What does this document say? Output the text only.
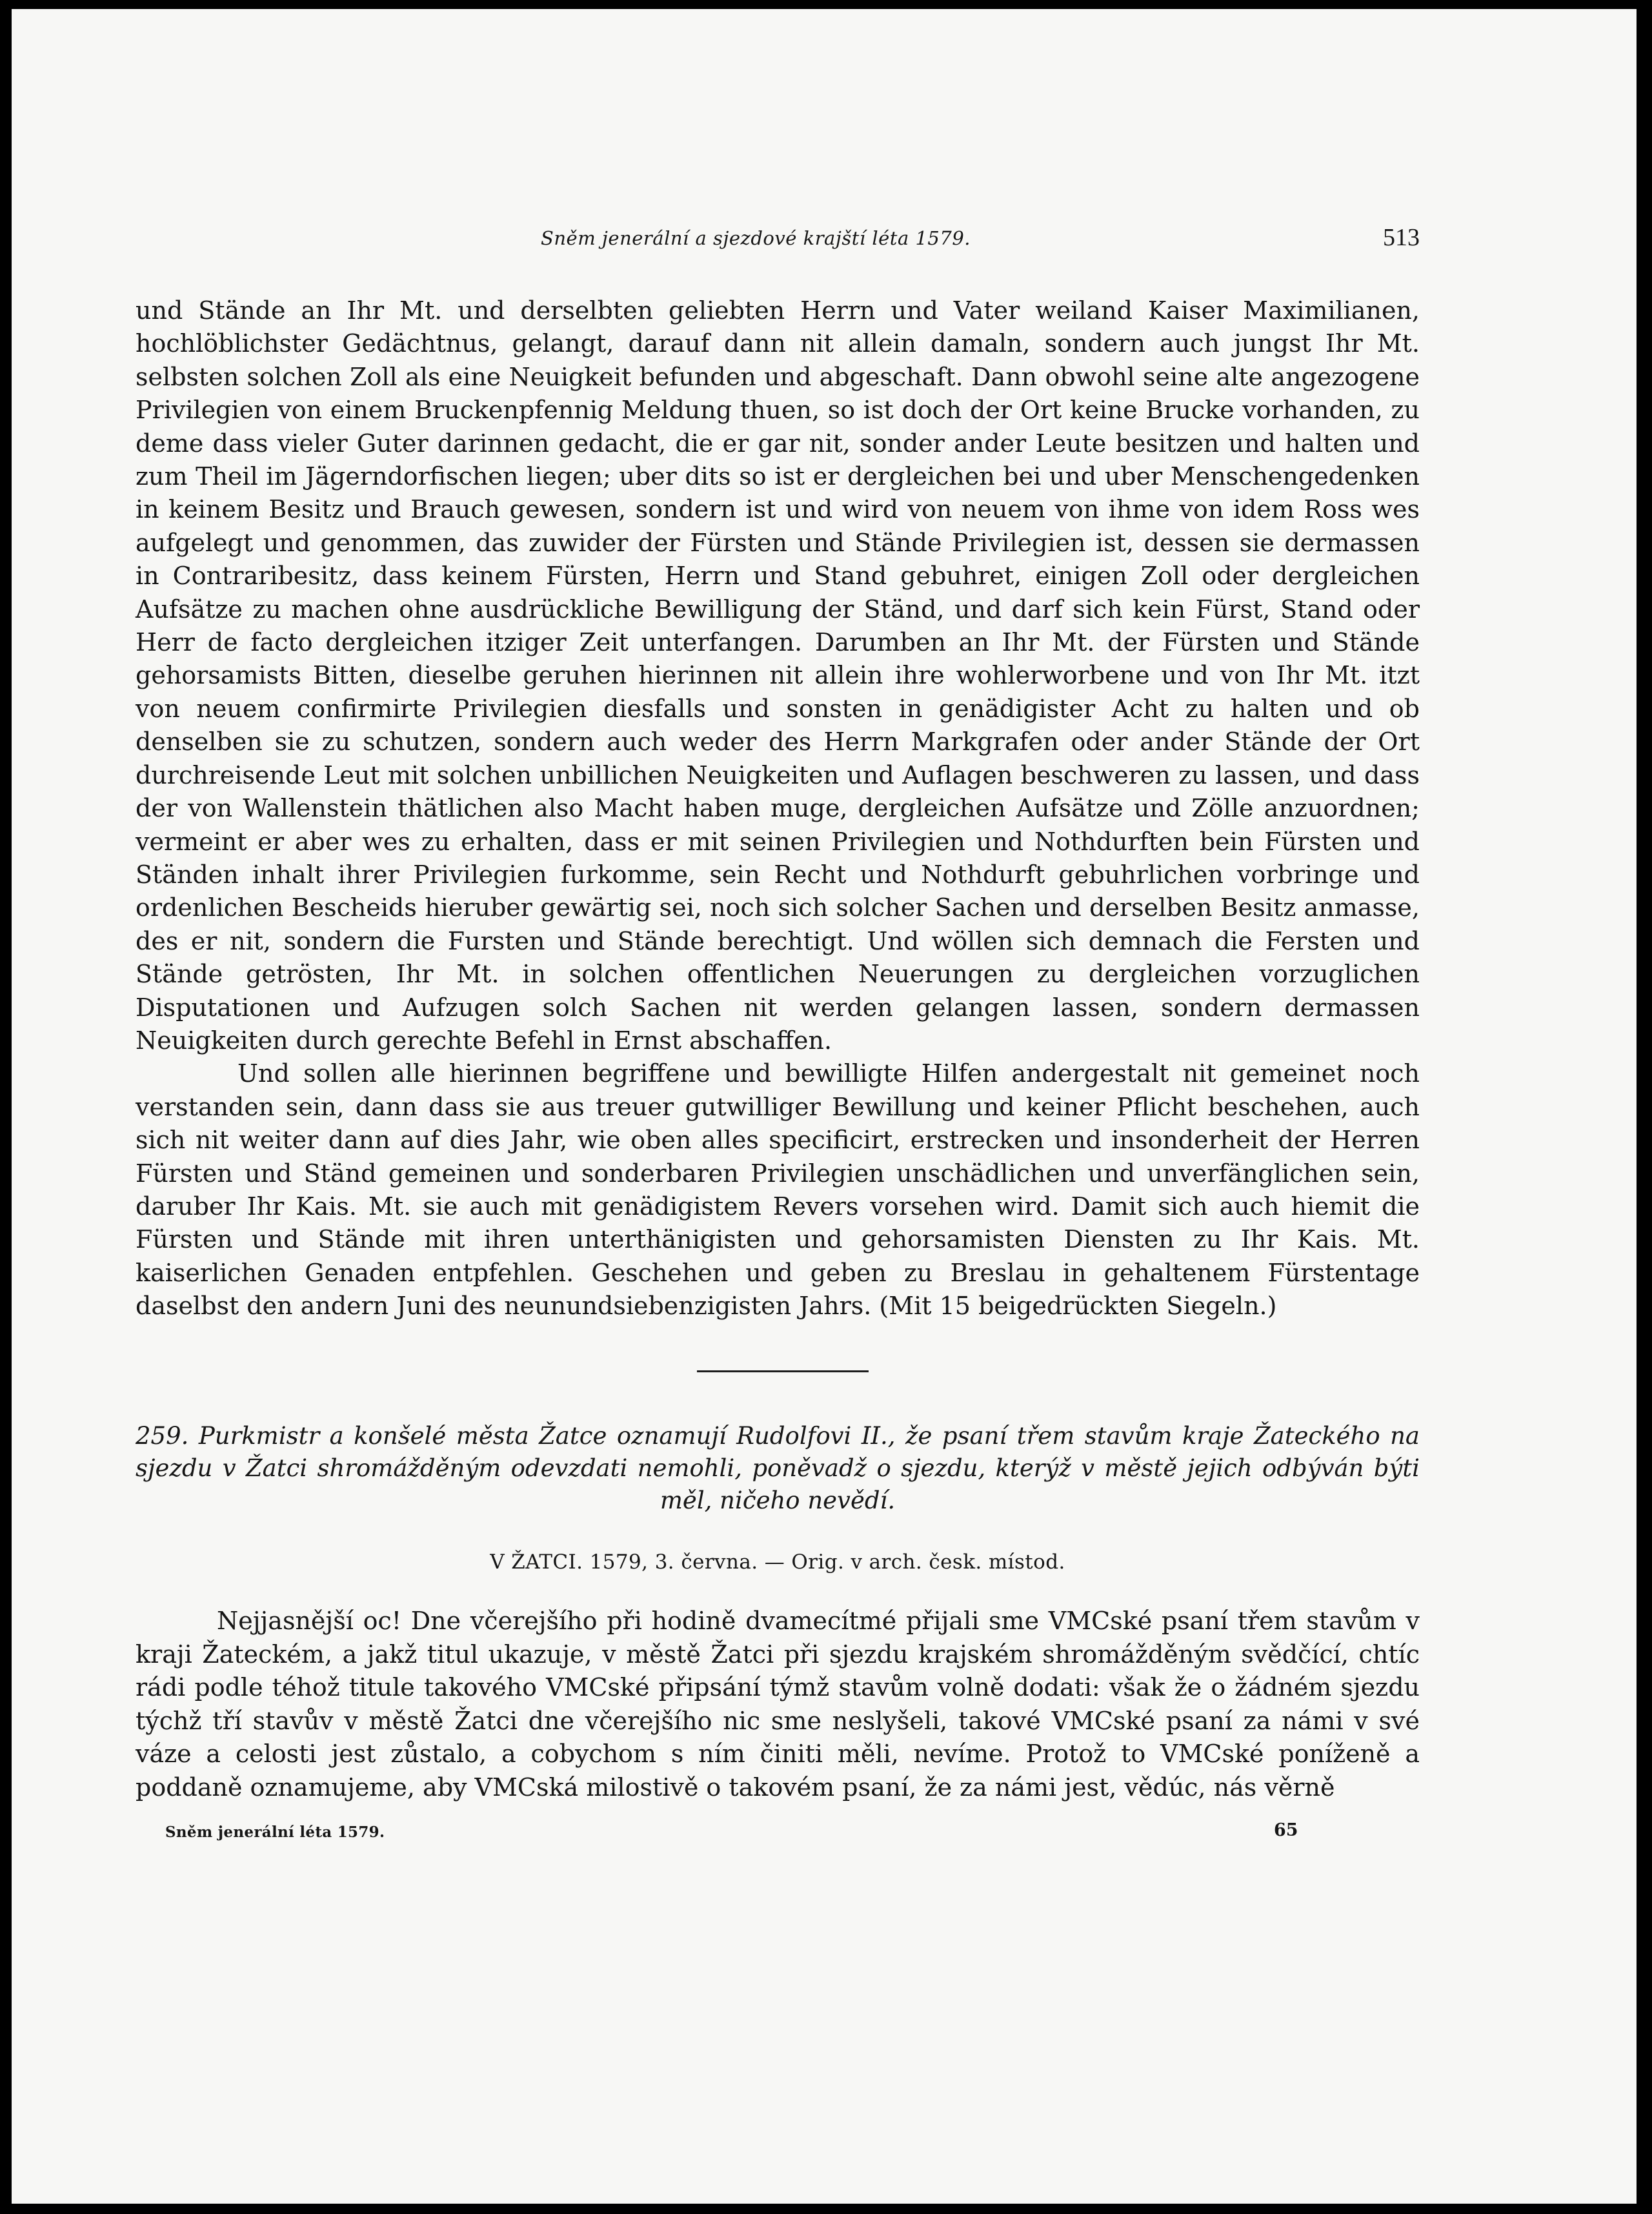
Sněm jenerální a sjezdové krajští léta 1579.	513

und Stände an Ihr Mt. und derselbten geliebten Herrn und Vater weiland Kaiser Maximilianen, hochlöblichster Gedächtnus, gelangt, darauf dann nit allein damaln, sondern auch jungst Ihr Mt. selbsten solchen Zoll als eine Neuigkeit befunden und abgeschaft. Dann obwohl seine alte angezogene Privilegien von einem Bruckenpfennig Meldung thuen, so ist doch der Ort keine Brucke vorhanden, zu deme dass vieler Guter darinnen gedacht, die er gar nit, sonder ander Leute besitzen und halten und zum Theil im Jägerndorfischen liegen; uber dits so ist er dergleichen bei und uber Menschengedenken in keinem Besitz und Brauch gewesen, sondern ist und wird von neuem von ihme von idem Ross wes aufgelegt und genommen, das zuwider der Fürsten und Stände Privilegien ist, dessen sie dermassen in Contraribesitz, dass keinem Fürsten, Herrn und Stand gebuhret, einigen Zoll oder dergleichen Aufsätze zu machen ohne ausdrückliche Bewilligung der Ständ, und darf sich kein Fürst, Stand oder Herr de facto dergleichen itziger Zeit unterfangen. Darumben an Ihr Mt. der Fürsten und Stände gehorsamists Bitten, dieselbe geruhen hierinnen nit allein ihre wohlerworbene und von Ihr Mt. itzt von neuem confirmirte Privilegien diesfalls und sonsten in genädigister Acht zu halten und ob denselben sie zu schutzen, sondern auch weder des Herrn Markgrafen oder ander Stände der Ort durchreisende Leut mit solchen unbillichen Neuigkeiten und Auflagen beschweren zu lassen, und dass der von Wallenstein thätlichen also Macht haben muge, dergleichen Aufsätze und Zölle anzuordnen; vermeint er aber wes zu erhalten, dass er mit seinen Privilegien und Nothdurften bein Fürsten und Ständen inhalt ihrer Privilegien furkomme, sein Recht und Nothdurft gebuhrlichen vorbringe und ordenlichen Bescheids hieruber gewärtig sei, noch sich solcher Sachen und derselben Besitz anmasse, des er nit, sondern die Fursten und Stände berechtigt. Und wöllen sich demnach die Fersten und Stände getrösten, Ihr Mt. in solchen offentlichen Neuerungen zu dergleichen vorzuglichen Disputationen und Aufzugen solch Sachen nit werden gelangen lassen, sondern dermassen Neuigkeiten durch gerechte Befehl in Ernst abschaffen.

Und sollen alle hierinnen begriffene und bewilligte Hilfen andergestalt nit gemeinet noch verstanden sein, dann dass sie aus treuer gutwilliger Bewillung und keiner Pflicht beschehen, auch sich nit weiter dann auf dies Jahr, wie oben alles specificirt, erstrecken und insonderheit der Herren Fürsten und Ständ gemeinen und sonderbaren Privilegien unschädlichen und unverfänglichen sein, daruber Ihr Kais. Mt. sie auch mit genädigistem Revers vorsehen wird. Damit sich auch hiemit die Fürsten und Stände mit ihren unterthänigisten und gehorsamisten Diensten zu Ihr Kais. Mt. kaiserlichen Genaden entpfehlen. Geschehen und geben zu Breslau in gehaltenem Fürstentage daselbst den andern Juni des neunundsiebenzigisten Jahrs. (Mit 15 beigedrückten Siegeln.)

259. Purkmistr a konšelé města Žatce oznamují Rudolfovi II., že psaní třem stavům kraje Žateckého na sjezdu v Žatci shromážděným odevzdati nemohli, poněvadž o sjezdu, kterýž v městě jejich odbýván býti měl, ničeho nevědí.
V ŽATCI. 1579, 3. června. — Orig. v arch. česk. místod.

Nejjasnější oc! Dne včerejšího při hodině dvamecítmé přijali sme VMCské psaní třem stavům v kraji Žateckém, a jakž titul ukazuje, v městě Žatci při sjezdu krajském shromážděným svědčící, chtíc rádi podle téhož titule takového VMCské připsání týmž stavům volně dodati: však že o žádném sjezdu týchž tří stavův v městě Žatci dne včerejšího nic sme neslyšeli, takové VMCské psaní za námi v své váze a celosti jest zůstalo, a cobychom s ním činiti měli, nevíme. Protož to VMCské poníženě a poddaně oznamujeme, aby VMCská milostivě o takovém psaní, že za námi jest, vědúc, nás věrně

Sněm jenerální léta 1579.	65
